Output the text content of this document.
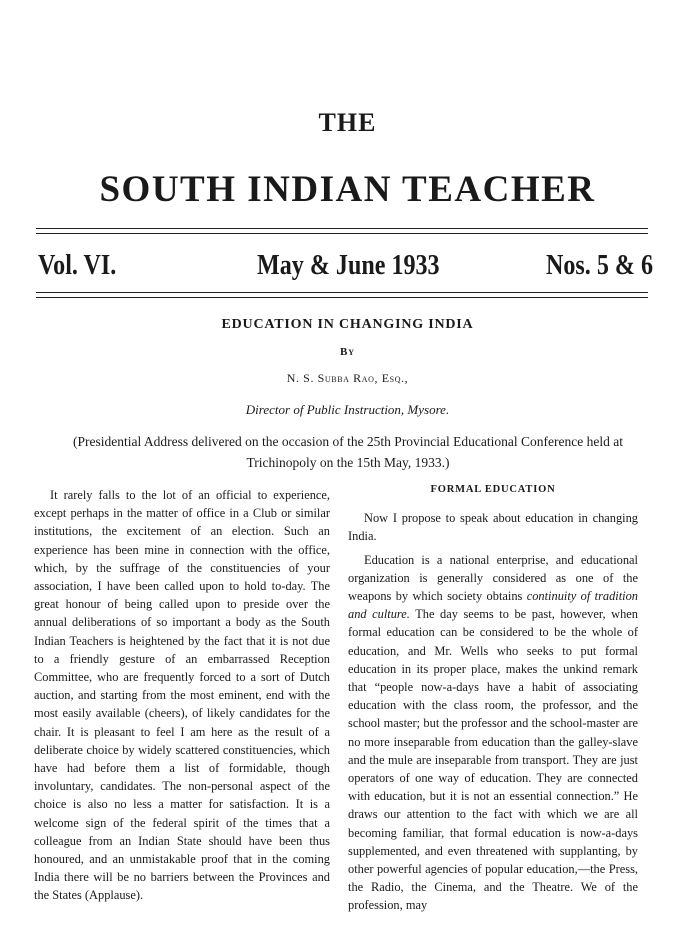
THE
SOUTH INDIAN TEACHER
Vol. VI.	May & June 1933	Nos. 5 & 6
EDUCATION IN CHANGING INDIA
By
N. S. Subba Rao, Esq.,
Director of Public Instruction, Mysore.
(Presidential Address delivered on the occasion of the 25th Provincial Educational Conference held at Trichinopoly on the 15th May, 1933.)

It rarely falls to the lot of an official to experience, except perhaps in the matter of office in a Club or similar institutions, the excitement of an election. Such an experience has been mine in connection with the office, which, by the suffrage of the constituencies of your association, I have been called upon to hold to-day. The great honour of being called upon to preside over the annual deliberations of so important a body as the South Indian Teachers is heightened by the fact that it is not due to a friendly gesture of an embarrassed Reception Committee, who are frequently forced to a sort of Dutch auction, and starting from the most eminent, end with the most easily available (cheers), of likely candidates for the chair. It is pleasant to feel I am here as the result of a deliberate choice by widely scattered constituencies, which have had before them a list of formidable, though involuntary, candidates. The non-personal aspect of the choice is also no less a matter for satisfaction. It is a welcome sign of the federal spirit of the times that a colleague from an Indian State should have been thus honoured, and an unmistakable proof that in the coming India there will be no barriers between the Provinces and the States (Applause).

FORMAL EDUCATION

Now I propose to speak about education in changing India.

Education is a national enterprise, and educational organization is generally considered as one of the weapons by which society obtains continuity of tradition and culture. The day seems to be past, however, when formal education can be considered to be the whole of education, and Mr. Wells who seeks to put formal education in its proper place, makes the unkind remark that “people now-a-days have a habit of associating education with the class room, the professor, and the school master; but the professor and the school-master are no more inseparable from education than the galley-slave and the mule are inseparable from transport. They are just operators of one way of education. They are connected with education, but it is not an essential connection.” He draws our attention to the fact with which we are all becoming familiar, that formal education is now-a-days supplemented, and even threatened with supplanting, by other powerful agencies of popular education,—the Press, the Radio, the Cinema, and the Theatre. We of the profession, may
